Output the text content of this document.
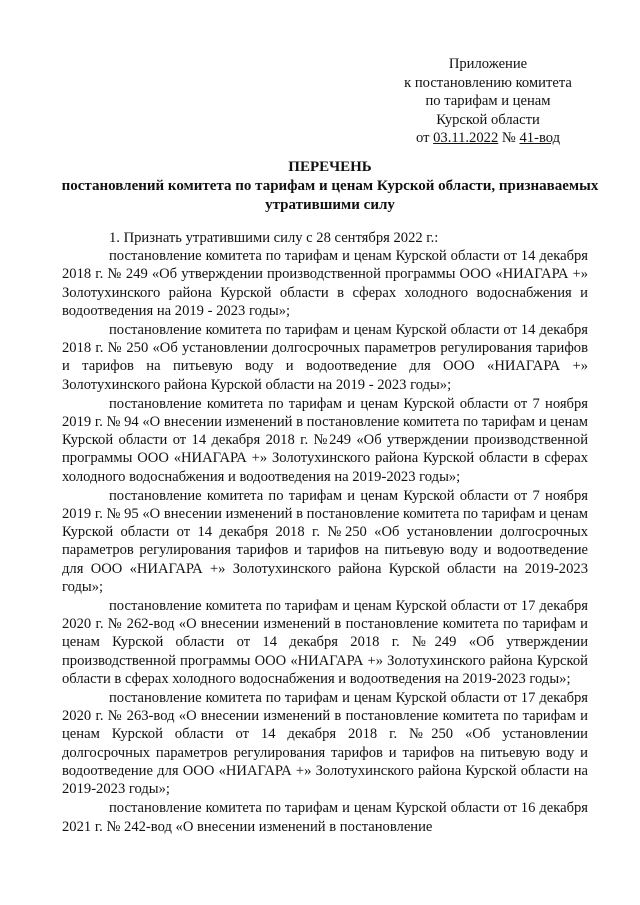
Приложение
к постановлению комитета
по тарифам и ценам
Курской области
от 03.11.2022 № 41-вод
ПЕРЕЧЕНЬ
постановлений комитета по тарифам и ценам Курской области, признаваемых утратившими силу

1. Признать утратившими силу с 28 сентября 2022 г.:

постановление комитета по тарифам и ценам Курской области от 14 декабря 2018 г. № 249 «Об утверждении производственной программы ООО «НИАГАРА +» Золотухинского района Курской области в сферах холодного водоснабжения и водоотведения на 2019 - 2023 годы»;

постановление комитета по тарифам и ценам Курской области от 14 декабря 2018 г. № 250 «Об установлении долгосрочных параметров регулирования тарифов и тарифов на питьевую воду и водоотведение для ООО «НИАГАРА +» Золотухинского района Курской области на 2019 - 2023 годы»;

постановление комитета по тарифам и ценам Курской области от 7 ноября 2019 г. № 94 «О внесении изменений в постановление комитета по тарифам и ценам Курской области от 14 декабря 2018 г. №249 «Об утверждении производственной программы ООО «НИАГАРА +» Золотухинского района Курской области в сферах холодного водоснабжения и водоотведения на 2019-2023 годы»;

постановление комитета по тарифам и ценам Курской области от 7 ноября 2019 г. № 95 «О внесении изменений в постановление комитета по тарифам и ценам Курской области от 14 декабря 2018 г. №250 «Об установлении долгосрочных параметров регулирования тарифов и тарифов на питьевую воду и водоотведение для ООО «НИАГАРА +» Золотухинского района Курской области на 2019-2023 годы»;

постановление комитета по тарифам и ценам Курской области от 17 декабря 2020 г. № 262-вод «О внесении изменений в постановление комитета по тарифам и ценам Курской области от 14 декабря 2018 г. №249 «Об утверждении производственной программы ООО «НИАГАРА +» Золотухинского района Курской области в сферах холодного водоснабжения и водоотведения на 2019-2023 годы»;

постановление комитета по тарифам и ценам Курской области от 17 декабря 2020 г. № 263-вод «О внесении изменений в постановление комитета по тарифам и ценам Курской области от 14 декабря 2018 г. №250 «Об установлении долгосрочных параметров регулирования тарифов и тарифов на питьевую воду и водоотведение для ООО «НИАГАРА +» Золотухинского района Курской области на 2019-2023 годы»;

постановление комитета по тарифам и ценам Курской области от 16 декабря 2021 г. № 242-вод «О внесении изменений в постановление
